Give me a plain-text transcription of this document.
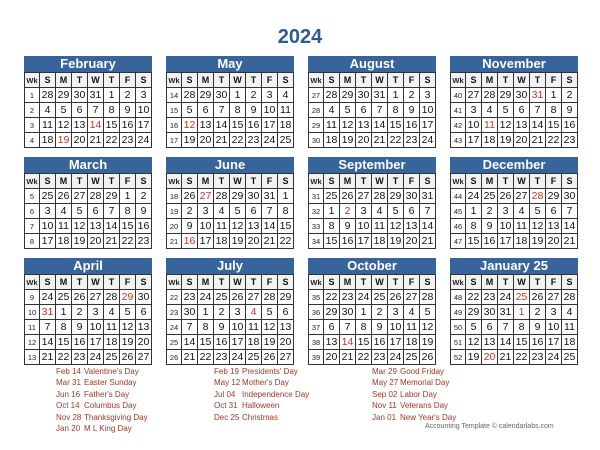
2024
February
Wk	S	M	T	W	T	F	S
1	28	29	30	31	1	2	3
2	4	5	6	7	8	9	10
3	11	12	13	14	15	16	17
4	18	19	20	21	22	23	24
May
Wk	S	M	T	W	T	F	S
14	28	29	30	1	2	3	4
15	5	6	7	8	9	10	11
16	12	13	14	15	16	17	18
17	19	20	21	22	23	24	25
August
Wk	S	M	T	W	T	F	S
27	28	29	30	31	1	2	3
28	4	5	6	7	8	9	10
29	11	12	13	14	15	16	17
30	18	19	20	21	22	23	24
November
Wk	S	M	T	W	T	F	S
40	27	28	29	30	31	1	2
41	3	4	5	6	7	8	9
42	10	11	12	13	14	15	16
43	17	18	19	20	21	22	23
March
Wk	S	M	T	W	T	F	S
5	25	26	27	28	29	1	2
6	3	4	5	6	7	8	9
7	10	11	12	13	14	15	16
8	17	18	19	20	21	22	23
June
Wk	S	M	T	W	T	F	S
18	26	27	28	29	30	31	1
19	2	3	4	5	6	7	8
20	9	10	11	12	13	14	15
21	16	17	18	19	20	21	22
September
Wk	S	M	T	W	T	F	S
31	25	26	27	28	29	30	31
32	1	2	3	4	5	6	7
33	8	9	10	11	12	13	14
34	15	16	17	18	19	20	21
December
Wk	S	M	T	W	T	F	S
44	24	25	26	27	28	29	30
45	1	2	3	4	5	6	7
46	8	9	10	11	12	13	14
47	15	16	17	18	19	20	21
April
Wk	S	M	T	W	T	F	S
9	24	25	26	27	28	29	30
10	31	1	2	3	4	5	6
11	7	8	9	10	11	12	13
12	14	15	16	17	18	19	20
13	21	22	23	24	25	26	27
July
Wk	S	M	T	W	T	F	S
22	23	24	25	26	27	28	29
23	30	1	2	3	4	5	6
24	7	8	9	10	11	12	13
25	14	15	16	17	18	19	20
26	21	22	23	24	25	26	27
October
Wk	S	M	T	W	T	F	S
35	22	23	24	25	26	27	28
36	29	30	1	2	3	4	5
37	6	7	8	9	10	11	12
38	13	14	15	16	17	18	19
39	20	21	22	23	24	25	26
January 25
Wk	S	M	T	W	T	F	S
48	22	23	24	25	26	27	28
49	29	30	31	1	2	3	4
50	5	6	7	8	9	10	11
51	12	13	14	15	16	17	18
52	19	20	21	22	23	24	25
Feb 14 Valentine's Day
Mar 31 Easter Sunday
Jun 16 Father's Day
Oct 14 Columbus Day
Nov 28 Thanksgiving Day
Jan 20 M L King Day
Feb 19 Presidents' Day
May 12 Mother's Day
Jul 04 Independence Day
Oct 31 Halloween
Dec 25 Christmas
Mar 29 Good Friday
May 27 Memorial Day
Sep 02 Labor Day
Nov 11 Veterans Day
Jan 01 New Year's Day
Accounting Template © calendarlabs.com
